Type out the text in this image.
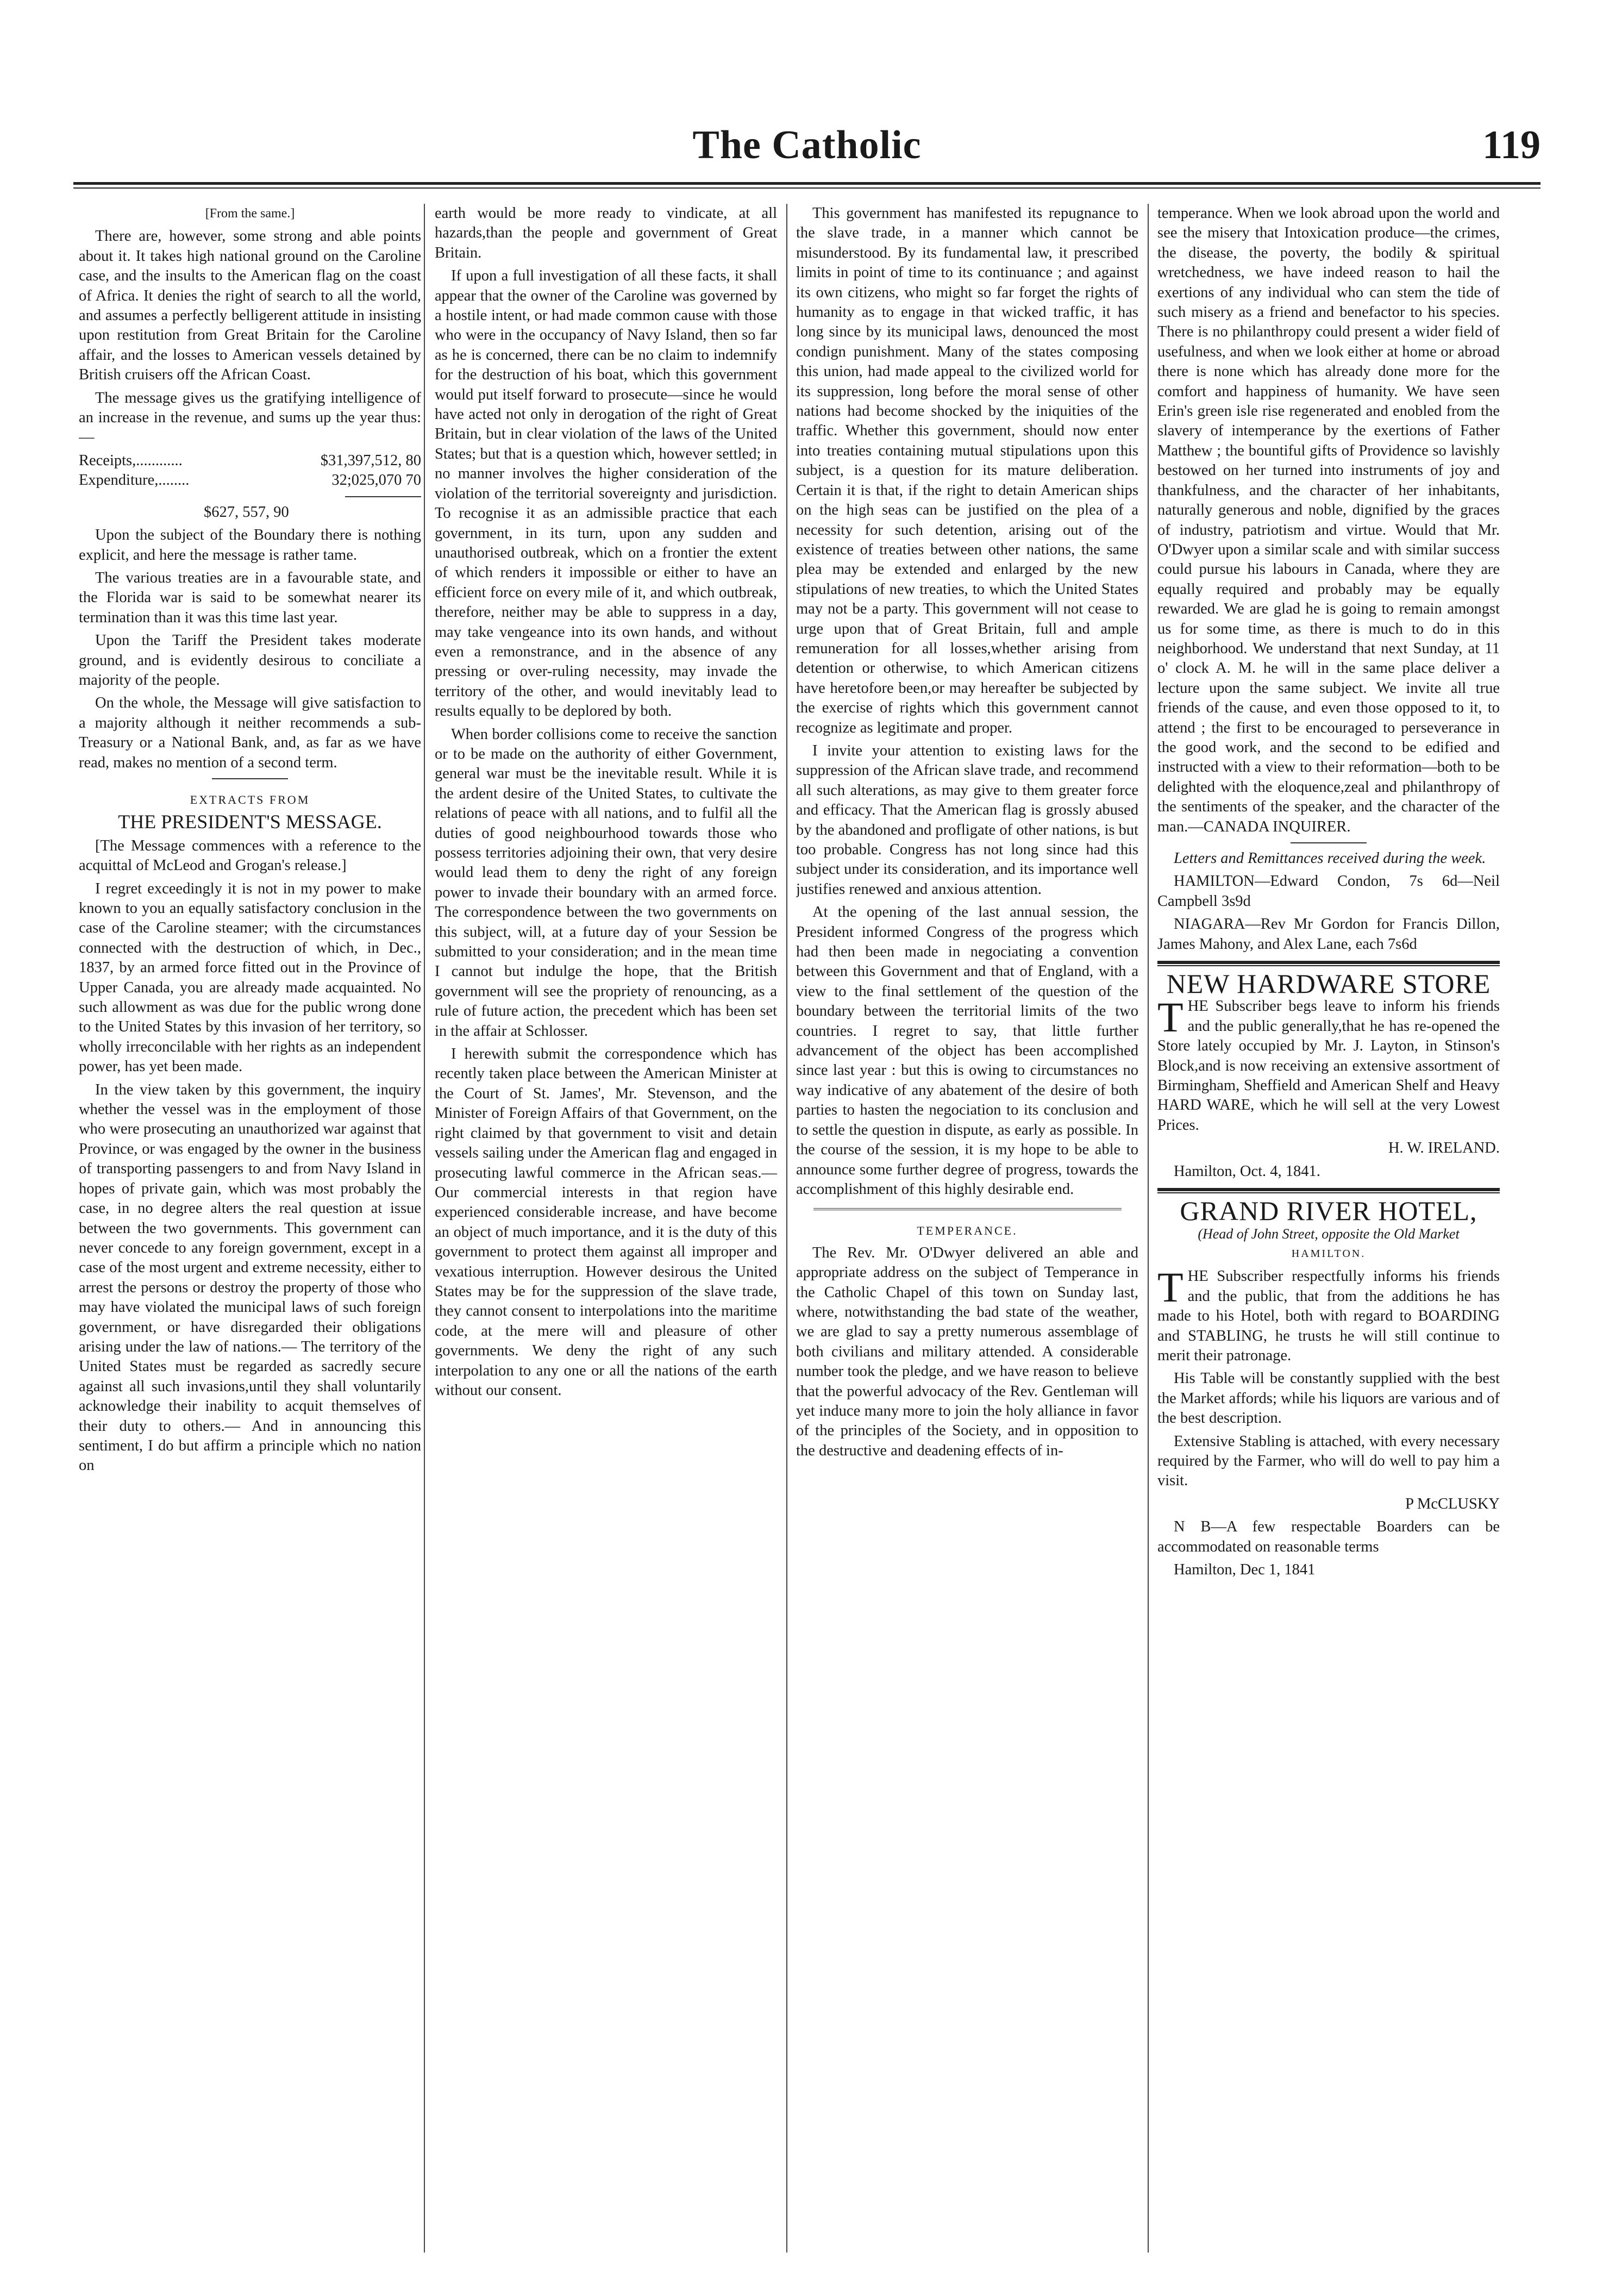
The Catholic	119
[From the same.]

There are, however, some strong and able points about it. It takes high national ground on the Caroline case, and the insults to the American flag on the coast of Africa. It denies the right of search to all the world, and assumes a perfectly belligerent attitude in insisting upon restitution from Great Britain for the Caroline affair, and the losses to American vessels detained by British cruisers off the African Coast.

The message gives us the gratifying intelligence of an increase in the revenue, and sums up the year thus:—

Receipts,............	$31,397,512, 80
Expenditure,........	32;025,070 70

$627, 557, 90

Upon the subject of the Boundary there is nothing explicit, and here the message is rather tame.

The various treaties are in a favourable state, and the Florida war is said to be somewhat nearer its termination than it was this time last year.

Upon the Tariff the President takes moderate ground, and is evidently desirous to conciliate a majority of the people.

On the whole, the Message will give satisfaction to a majority although it neither recommends a sub-Treasury or a National Bank, and, as far as we have read, makes no mention of a second term.

EXTRACTS FROM
THE PRESIDENT'S MESSAGE.

[The Message commences with a reference to the acquittal of McLeod and Grogan's release.]

I regret exceedingly it is not in my power to make known to you an equally satisfactory conclusion in the case of the Caroline steamer; with the circumstances connected with the destruction of which, in Dec., 1837, by an armed force fitted out in the Province of Upper Canada, you are already made acquainted. No such allowment as was due for the public wrong done to the United States by this invasion of her territory, so wholly irreconcilable with her rights as an independent power, has yet been made.

In the view taken by this government, the inquiry whether the vessel was in the employment of those who were prosecuting an unauthorized war against that Province, or was engaged by the owner in the business of transporting passengers to and from Navy Island in hopes of private gain, which was most probably the case, in no degree alters the real question at issue between the two governments. This government can never concede to any foreign government, except in a case of the most urgent and extreme necessity, either to arrest the persons or destroy the property of those who may have violated the municipal laws of such foreign government, or have disregarded their obligations arising under the law of nations.— The territory of the United States must be regarded as sacredly secure against all such invasions,until they shall voluntarily acknowledge their inability to acquit themselves of their duty to others.— And in announcing this sentiment, I do but affirm a principle which no nation on

earth would be more ready to vindicate, at all hazards,than the people and government of Great Britain.

If upon a full investigation of all these facts, it shall appear that the owner of the Caroline was governed by a hostile intent, or had made common cause with those who were in the occupancy of Navy Island, then so far as he is concerned, there can be no claim to indemnify for the destruction of his boat, which this government would put itself forward to prosecute—since he would have acted not only in derogation of the right of Great Britain, but in clear violation of the laws of the United States; but that is a question which, however settled; in no manner involves the higher consideration of the violation of the territorial sovereignty and jurisdiction. To recognise it as an admissible practice that each government, in its turn, upon any sudden and unauthorised outbreak, which on a frontier the extent of which renders it impossible or either to have an efficient force on every mile of it, and which outbreak, therefore, neither may be able to suppress in a day, may take vengeance into its own hands, and without even a remonstrance, and in the absence of any pressing or over-ruling necessity, may invade the territory of the other, and would inevitably lead to results equally to be deplored by both.

When border collisions come to receive the sanction or to be made on the authority of either Government, general war must be the inevitable result. While it is the ardent desire of the United States, to cultivate the relations of peace with all nations, and to fulfil all the duties of good neighbourhood towards those who possess territories adjoining their own, that very desire would lead them to deny the right of any foreign power to invade their boundary with an armed force. The correspondence between the two governments on this subject, will, at a future day of your Session be submitted to your consideration; and in the mean time I cannot but indulge the hope, that the British government will see the propriety of renouncing, as a rule of future action, the precedent which has been set in the affair at Schlosser.

I herewith submit the correspondence which has recently taken place between the American Minister at the Court of St. James', Mr. Stevenson, and the Minister of Foreign Affairs of that Government, on the right claimed by that government to visit and detain vessels sailing under the American flag and engaged in prosecuting lawful commerce in the African seas.— Our commercial interests in that region have experienced considerable increase, and have become an object of much importance, and it is the duty of this government to protect them against all improper and vexatious interruption. However desirous the United States may be for the suppression of the slave trade, they cannot consent to interpolations into the maritime code, at the mere will and pleasure of other governments. We deny the right of any such interpolation to any one or all the nations of the earth without our consent.

This government has manifested its repugnance to the slave trade, in a manner which cannot be misunderstood. By its fundamental law, it prescribed limits in point of time to its continuance ; and against its own citizens, who might so far forget the rights of humanity as to engage in that wicked traffic, it has long since by its municipal laws, denounced the most condign punishment. Many of the states composing this union, had made appeal to the civilized world for its suppression, long before the moral sense of other nations had become shocked by the iniquities of the traffic. Whether this government, should now enter into treaties containing mutual stipulations upon this subject, is a question for its mature deliberation. Certain it is that, if the right to detain American ships on the high seas can be justified on the plea of a necessity for such detention, arising out of the existence of treaties between other nations, the same plea may be extended and enlarged by the new stipulations of new treaties, to which the United States may not be a party. This government will not cease to urge upon that of Great Britain, full and ample remuneration for all losses,whether arising from detention or otherwise, to which American citizens have heretofore been,or may hereafter be subjected by the exercise of rights which this government cannot recognize as legitimate and proper.

I invite your attention to existing laws for the suppression of the African slave trade, and recommend all such alterations, as may give to them greater force and efficacy. That the American flag is grossly abused by the abandoned and profligate of other nations, is but too probable. Congress has not long since had this subject under its consideration, and its importance well justifies renewed and anxious attention.

At the opening of the last annual session, the President informed Congress of the progress which had then been made in negociating a convention between this Government and that of England, with a view to the final settlement of the question of the boundary between the territorial limits of the two countries. I regret to say, that little further advancement of the object has been accomplished since last year : but this is owing to circumstances no way indicative of any abatement of the desire of both parties to hasten the negociation to its conclusion and to settle the question in dispute, as early as possible. In the course of the session, it is my hope to be able to announce some further degree of progress, towards the accomplishment of this highly desirable end.

TEMPERANCE.

The Rev. Mr. O'Dwyer delivered an able and appropriate address on the subject of Temperance in the Catholic Chapel of this town on Sunday last, where, notwithstanding the bad state of the weather, we are glad to say a pretty numerous assemblage of both civilians and military attended. A considerable number took the pledge, and we have reason to believe that the powerful advocacy of the Rev. Gentleman will yet induce many more to join the holy alliance in favor of the principles of the Society, and in opposition to the destructive and deadening effects of in-

temperance. When we look abroad upon the world and see the misery that Intoxication produce—the crimes, the disease, the poverty, the bodily & spiritual wretchedness, we have indeed reason to hail the exertions of any individual who can stem the tide of such misery as a friend and benefactor to his species. There is no philanthropy could present a wider field of usefulness, and when we look either at home or abroad there is none which has already done more for the comfort and happiness of humanity. We have seen Erin's green isle rise regenerated and enobled from the slavery of intemperance by the exertions of Father Matthew ; the bountiful gifts of Providence so lavishly bestowed on her turned into instruments of joy and thankfulness, and the character of her inhabitants, naturally generous and noble, dignified by the graces of industry, patriotism and virtue. Would that Mr. O'Dwyer upon a similar scale and with similar success could pursue his labours in Canada, where they are equally required and probably may be equally rewarded. We are glad he is going to remain amongst us for some time, as there is much to do in this neighborhood. We understand that next Sunday, at 11 o' clock A. M. he will in the same place deliver a lecture upon the same subject. We invite all true friends of the cause, and even those opposed to it, to attend ; the first to be encouraged to perseverance in the good work, and the second to be edified and instructed with a view to their reformation—both to be delighted with the eloquence,zeal and philanthropy of the sentiments of the speaker, and the character of the man.—CANADA INQUIRER.

Letters and Remittances received during the week.

HAMILTON—Edward Condon, 7s 6d—Neil Campbell 3s9d

NIAGARA—Rev Mr Gordon for Francis Dillon, James Mahony, and Alex Lane, each 7s6d

NEW HARDWARE STORE

THE Subscriber begs leave to inform his friends and the public generally,that he has re-opened the Store lately occupied by Mr. J. Layton, in Stinson's Block,and is now receiving an extensive assortment of Birmingham, Sheffield and American Shelf and Heavy HARD WARE, which he will sell at the very Lowest Prices.

H. W. IRELAND.

Hamilton, Oct. 4, 1841.

GRAND RIVER HOTEL,
(Head of John Street, opposite the Old Market
HAMILTON.

THE Subscriber respectfully informs his friends and the public, that from the additions he has made to his Hotel, both with regard to BOARDING and STABLING, he trusts he will still continue to merit their patronage.

His Table will be constantly supplied with the best the Market affords; while his liquors are various and of the best description.

Extensive Stabling is attached, with every necessary required by the Farmer, who will do well to pay him a visit.

P McCLUSKY

N B—A few respectable Boarders can be accommodated on reasonable terms

Hamilton, Dec 1, 1841
